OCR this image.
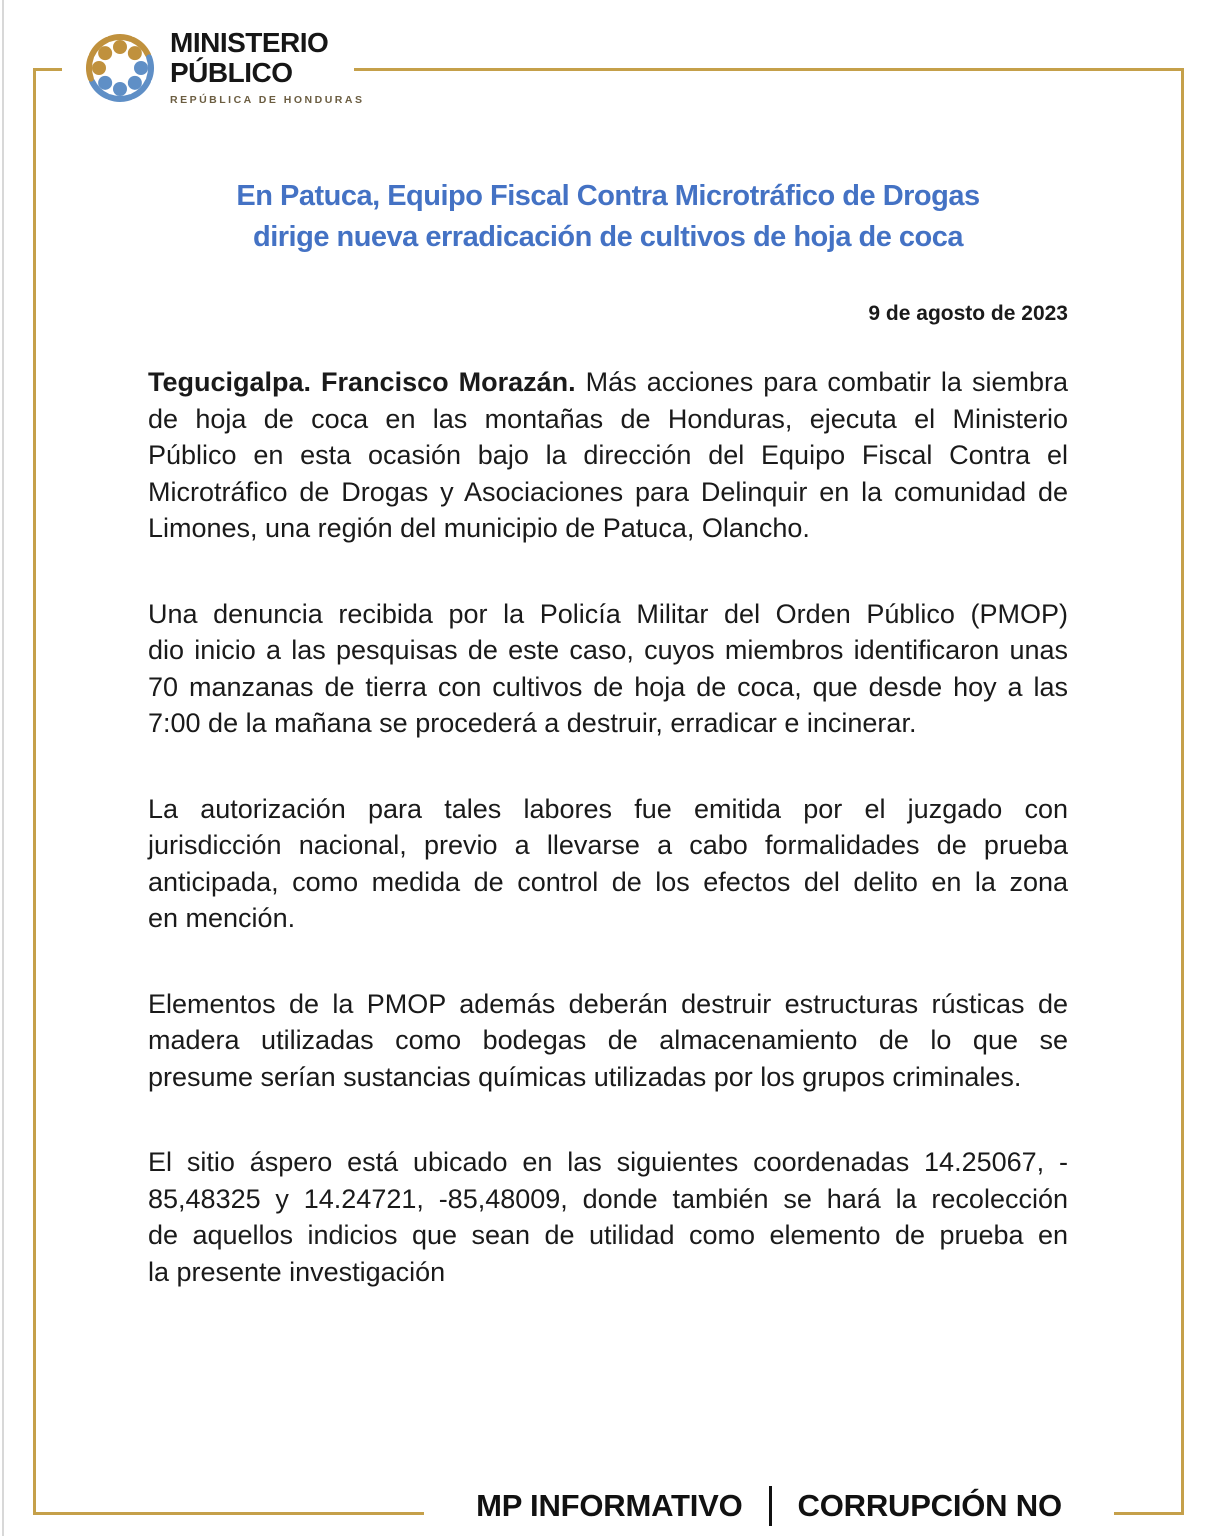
MINISTERIO
PÚBLICO
REPÚBLICA DE HONDURAS
En Patuca, Equipo Fiscal Contra Microtráfico de Drogas
dirige nueva erradicación de cultivos de hoja de coca
9 de agosto de 2023
Tegucigalpa. Francisco Morazán. Más acciones para combatir la siembra
de hoja de coca en las montañas de Honduras, ejecuta el Ministerio
Público en esta ocasión bajo la dirección del Equipo Fiscal Contra el
Microtráfico de Drogas y Asociaciones para Delinquir en la comunidad de
Limones, una región del municipio de Patuca, Olancho.
Una denuncia recibida por la Policía Militar del Orden Público (PMOP)
dio inicio a las pesquisas de este caso, cuyos miembros identificaron unas
70 manzanas de tierra con cultivos de hoja de coca, que desde hoy a las
7:00 de la mañana se procederá a destruir, erradicar e incinerar.
La autorización para tales labores fue emitida por el juzgado con
jurisdicción nacional, previo a llevarse a cabo formalidades de prueba
anticipada, como medida de control de los efectos del delito en la zona
en mención.
Elementos de la PMOP además deberán destruir estructuras rústicas de
madera utilizadas como bodegas de almacenamiento de lo que se
presume serían sustancias químicas utilizadas por los grupos criminales.
El sitio áspero está ubicado en las siguientes coordenadas 14.25067, -
85,48325 y 14.24721, -85,48009, donde también se hará la recolección
de aquellos indicios que sean de utilidad como elemento de prueba en
la presente investigación
MP INFORMATIVO CORRUPCIÓN NO
